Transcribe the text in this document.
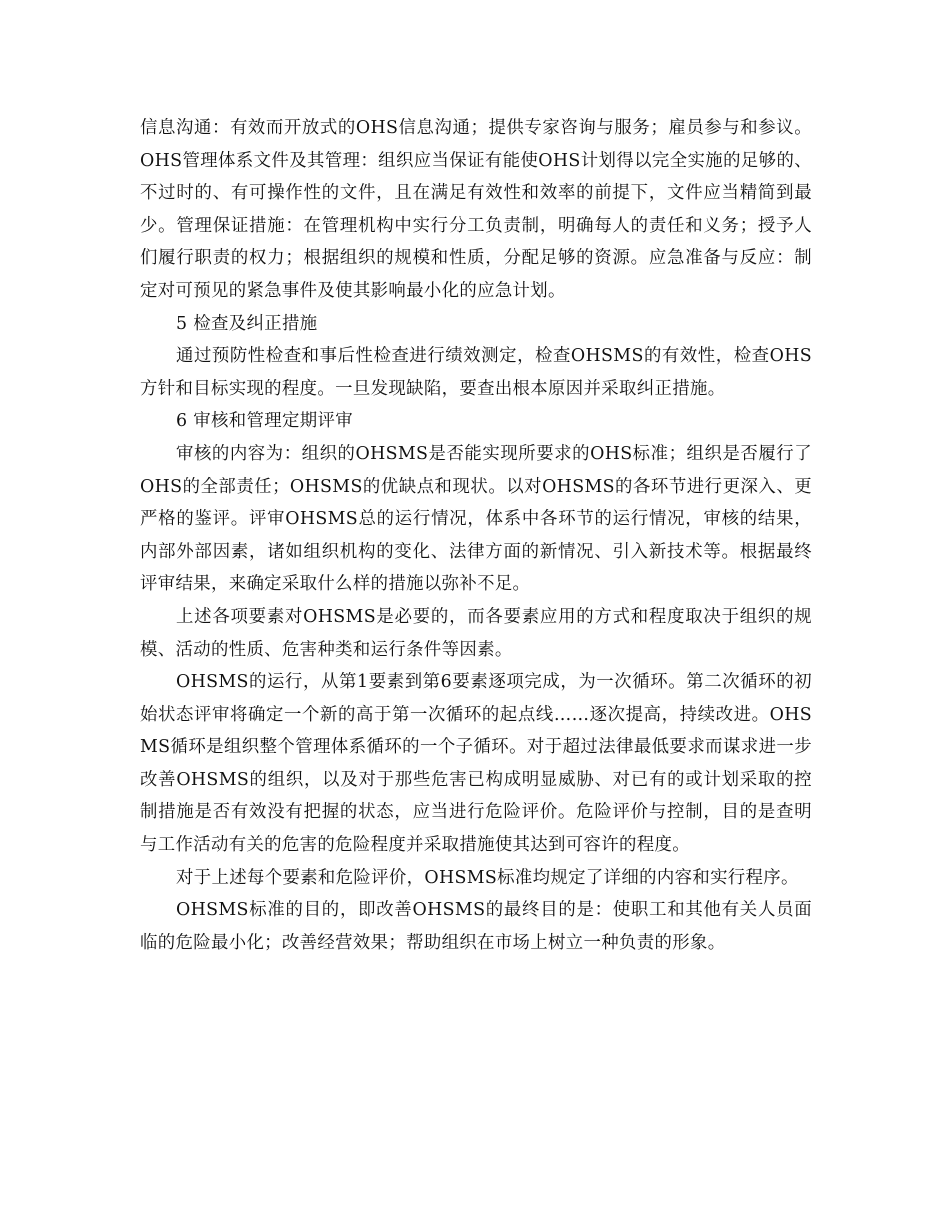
信息沟通：有效而开放式的OHS信息沟通；提供专家咨询与服务；雇员参与和参议。OHS管理体系文件及其管理：组织应当保证有能使OHS计划得以完全实施的足够的、不过时的、有可操作性的文件，且在满足有效性和效率的前提下，文件应当精简到最少。管理保证措施：在管理机构中实行分工负责制，明确每人的责任和义务；授予人们履行职责的权力；根据组织的规模和性质，分配足够的资源。应急准备与反应：制定对可预见的紧急事件及使其影响最小化的应急计划。

5 检查及纠正措施

通过预防性检查和事后性检查进行绩效测定，检查OHSMS的有效性，检查OHS方针和目标实现的程度。一旦发现缺陷，要查出根本原因并采取纠正措施。

6 审核和管理定期评审

审核的内容为：组织的OHSMS是否能实现所要求的OHS标准；组织是否履行了OHS的全部责任；OHSMS的优缺点和现状。以对OHSMS的各环节进行更深入、更严格的鉴评。评审OHSMS总的运行情况，体系中各环节的运行情况，审核的结果，内部外部因素，诸如组织机构的变化、法律方面的新情况、引入新技术等。根据最终评审结果，来确定采取什么样的措施以弥补不足。

上述各项要素对OHSMS是必要的，而各要素应用的方式和程度取决于组织的规模、活动的性质、危害种类和运行条件等因素。

OHSMS的运行，从第1要素到第6要素逐项完成，为一次循环。第二次循环的初始状态评审将确定一个新的高于第一次循环的起点线……逐次提高，持续改进。OHSMS循环是组织整个管理体系循环的一个子循环。对于超过法律最低要求而谋求进一步改善OHSMS的组织，以及对于那些危害已构成明显威胁、对已有的或计划采取的控制措施是否有效没有把握的状态，应当进行危险评价。危险评价与控制，目的是查明与工作活动有关的危害的危险程度并采取措施使其达到可容许的程度。

对于上述每个要素和危险评价，OHSMS标准均规定了详细的内容和实行程序。

OHSMS标准的目的，即改善OHSMS的最终目的是：使职工和其他有关人员面临的危险最小化；改善经营效果；帮助组织在市场上树立一种负责的形象。
